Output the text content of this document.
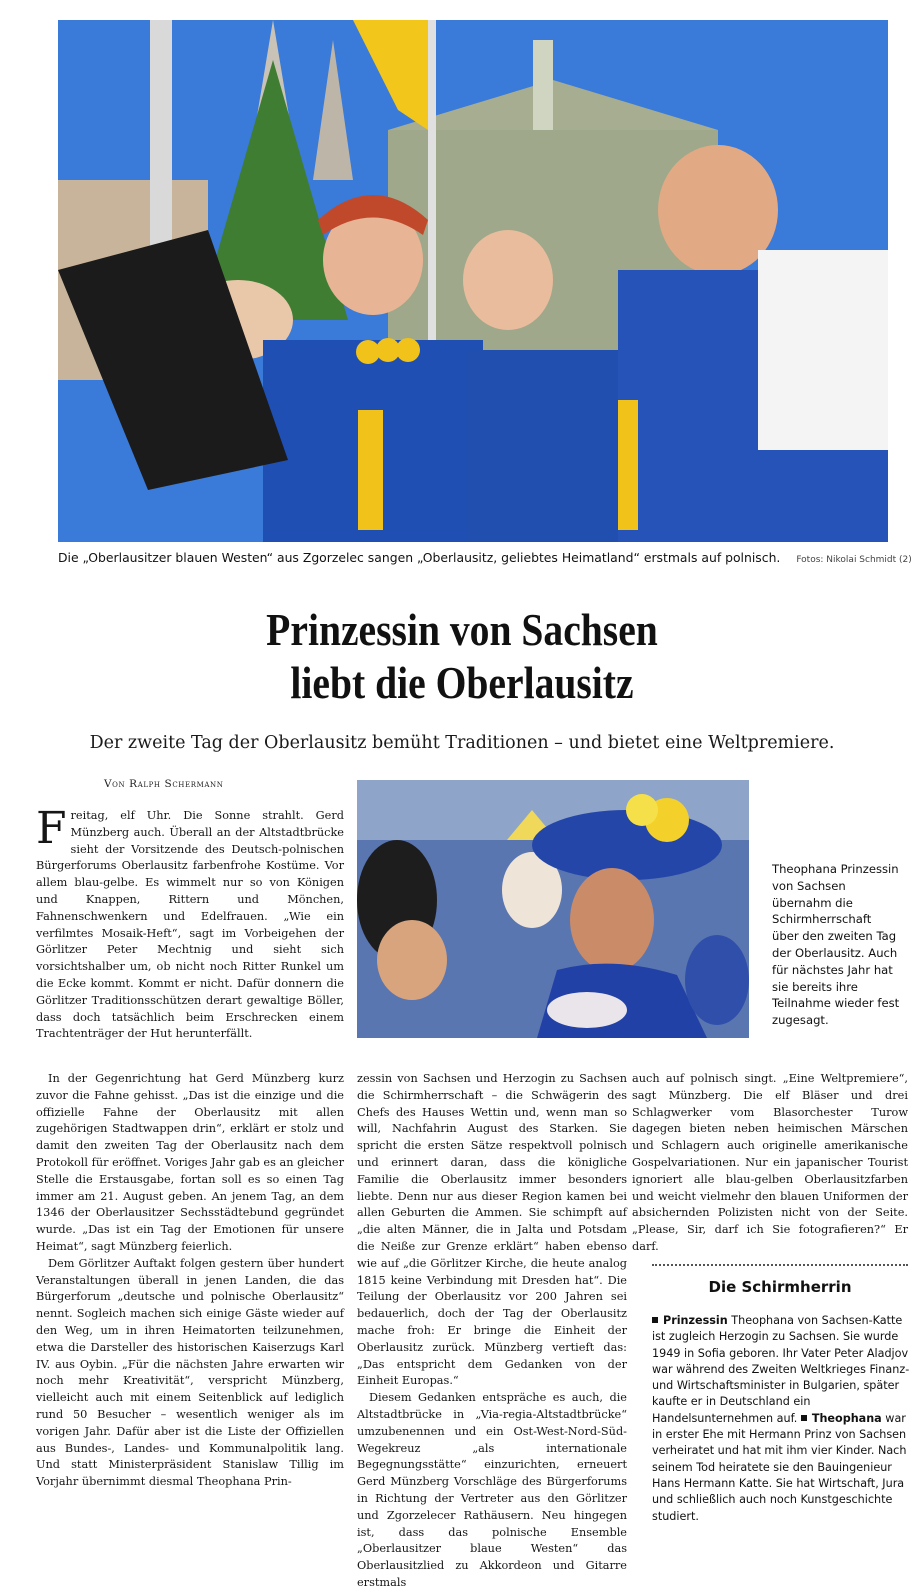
Die „Oberlausitzer blauen Westen“ aus Zgorzelec sangen „Oberlausitz, geliebtes Heimatland“ erstmals auf polnisch. Fotos: Nikolai Schmidt (2)
Prinzessin von Sachsen
liebt die Oberlausitz
Der zweite Tag der Oberlausitz bemüht Traditionen – und bietet eine Weltpremiere.
Von Ralph Schermann
Theophana Prinzessin von Sachsen übernahm die Schirmherrschaft über den zweiten Tag der Oberlausitz. Auch für nächstes Jahr hat sie bereits ihre Teilnahme wieder fest zugesagt.

Freitag, elf Uhr. Die Sonne strahlt. Gerd Münzberg auch. Überall an der Altstadtbrücke sieht der Vorsitzende des Deutsch-polnischen Bürgerforums Oberlausitz farbenfrohe Kostüme. Vor allem blau-gelbe. Es wimmelt nur so von Königen und Knappen, Rittern und Mönchen, Fahnenschwenkern und Edelfrauen. „Wie ein verfilmtes Mosaik-Heft“, sagt im Vorbeigehen der Görlitzer Peter Mechtnig und sieht sich vorsichtshalber um, ob nicht noch Ritter Runkel um die Ecke kommt. Kommt er nicht. Dafür donnern die Görlitzer Traditionsschützen derart gewaltige Böller, dass doch tatsächlich beim Erschrecken einem Trachtenträger der Hut herunterfällt.

In der Gegenrichtung hat Gerd Münzberg kurz zuvor die Fahne gehisst. „Das ist die einzige und die offizielle Fahne der Oberlausitz mit allen zugehörigen Stadtwappen drin“, erklärt er stolz und damit den zweiten Tag der Oberlausitz nach dem Protokoll für eröffnet. Voriges Jahr gab es an gleicher Stelle die Erstausgabe, fortan soll es so einen Tag immer am 21. August geben. An jenem Tag, an dem 1346 der Oberlausitzer Sechsstädtebund gegründet wurde. „Das ist ein Tag der Emotionen für unsere Heimat“, sagt Münzberg feierlich.

Dem Görlitzer Auftakt folgen gestern über hundert Veranstaltungen überall in jenen Landen, die das Bürgerforum „deutsche und polnische Oberlausitz“ nennt. Sogleich machen sich einige Gäste wieder auf den Weg, um in ihren Heimatorten teilzunehmen, etwa die Darsteller des historischen Kaiserzugs Karl IV. aus Oybin. „Für die nächsten Jahre erwarten wir noch mehr Kreativität“, verspricht Münzberg, vielleicht auch mit einem Seitenblick auf lediglich rund 50 Besucher – wesentlich weniger als im vorigen Jahr. Dafür aber ist die Liste der Offiziellen aus Bundes-, Landes- und Kommunalpolitik lang. Und statt Ministerpräsident Stanislaw Tillig im Vorjahr übernimmt diesmal Theophana Prin-

zessin von Sachsen und Herzogin zu Sachsen die Schirmherrschaft – die Schwägerin des Chefs des Hauses Wettin und, wenn man so will, Nachfahrin August des Starken. Sie spricht die ersten Sätze respektvoll polnisch und erinnert daran, dass die königliche Familie die Oberlausitz immer besonders liebte. Denn nur aus dieser Region kamen bei allen Geburten die Ammen. Sie schimpft auf „die alten Männer, die in Jalta und Potsdam die Neiße zur Grenze erklärt“ haben ebenso wie auf „die Görlitzer Kirche, die heute analog 1815 keine Verbindung mit Dresden hat“. Die Teilung der Oberlausitz vor 200 Jahren sei bedauerlich, doch der Tag der Oberlausitz mache froh: Er bringe die Einheit der Oberlausitz zurück. Münzberg vertieft das: „Das entspricht dem Gedanken von der Einheit Europas.“

Diesem Gedanken entspräche es auch, die Altstadtbrücke in „Via-regia-Altstadtbrücke“ umzubenennen und ein Ost-West-Nord-Süd-Wegekreuz „als internationale Begegnungsstätte“ einzurichten, erneuert Gerd Münzberg Vorschläge des Bürgerforums in Richtung der Vertreter aus den Görlitzer und Zgorzelecer Rathäusern. Neu hingegen ist, dass das polnische Ensemble „Oberlausitzer blaue Westen“ das Oberlausitzlied zu Akkordeon und Gitarre erstmals

auch auf polnisch singt. „Eine Weltpremiere“, sagt Münzberg. Die elf Bläser und drei Schlagwerker vom Blasorchester Turow dagegen bieten neben heimischen Märschen und Schlagern auch originelle amerikanische Gospelvariationen. Nur ein japanischer Tourist ignoriert alle blau-gelben Oberlausitzfarben und weicht vielmehr den blauen Uniformen der absichernden Polizisten nicht von der Seite. „Please, Sir, darf ich Sie fotografieren?“ Er darf.

Die Schirmherrin
Prinzessin Theophana von Sachsen-Katte ist zugleich Herzogin zu Sachsen. Sie wurde 1949 in Sofia geboren. Ihr Vater Peter Aladjov war während des Zweiten Weltkrieges Finanz- und Wirtschaftsminister in Bulgarien, später kaufte er in Deutschland ein Handelsunternehmen auf. Theophana war in erster Ehe mit Hermann Prinz von Sachsen verheiratet und hat mit ihm vier Kinder. Nach seinem Tod heiratete sie den Bauingenieur Hans Hermann Katte. Sie hat Wirtschaft, Jura und schließlich auch noch Kunstgeschichte studiert.
